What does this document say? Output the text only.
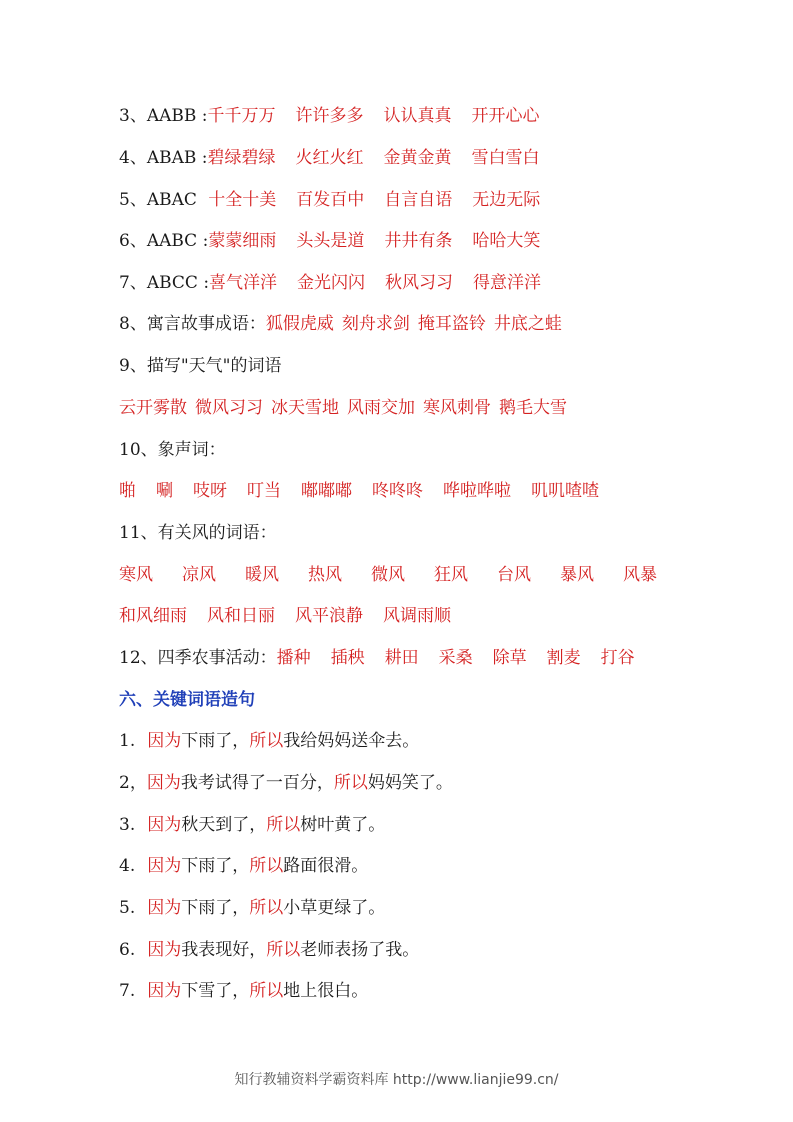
3、AABB :千千万万 许许多多 认认真真 开开心心
4、ABAB :碧绿碧绿 火红火红 金黄金黄 雪白雪白
5、ABAC 十全十美 百发百中 自言自语 无边无际
6、AABC :蒙蒙细雨 头头是道 井井有条 哈哈大笑
7、ABCC :喜气洋洋 金光闪闪 秋风习习 得意洋洋
8、寓言故事成语：狐假虎威 刻舟求剑 掩耳盗铃 井底之蛙
9、描写"天气"的词语
云开雾散 微风习习 冰天雪地 风雨交加 寒风刺骨 鹅毛大雪
10、象声词：
啪 唰 吱呀 叮当 嘟嘟嘟 咚咚咚 哗啦哗啦 叽叽喳喳
11、有关风的词语：
寒风 凉风 暖风 热风 微风 狂风 台风 暴风 风暴
和风细雨 风和日丽 风平浪静 风调雨顺
12、四季农事活动：播种 插秧 耕田 采桑 除草 割麦 打谷
六、关键词语造句
1. 因为下雨了，所以我给妈妈送伞去。
2，因为我考试得了一百分，所以妈妈笑了。
3. 因为秋天到了，所以树叶黄了。
4. 因为下雨了，所以路面很滑。
5. 因为下雨了，所以小草更绿了。
6. 因为我表现好，所以老师表扬了我。
7. 因为下雪了，所以地上很白。
知行教辅资料学霸资料库 http://www.lianjie99.cn/
